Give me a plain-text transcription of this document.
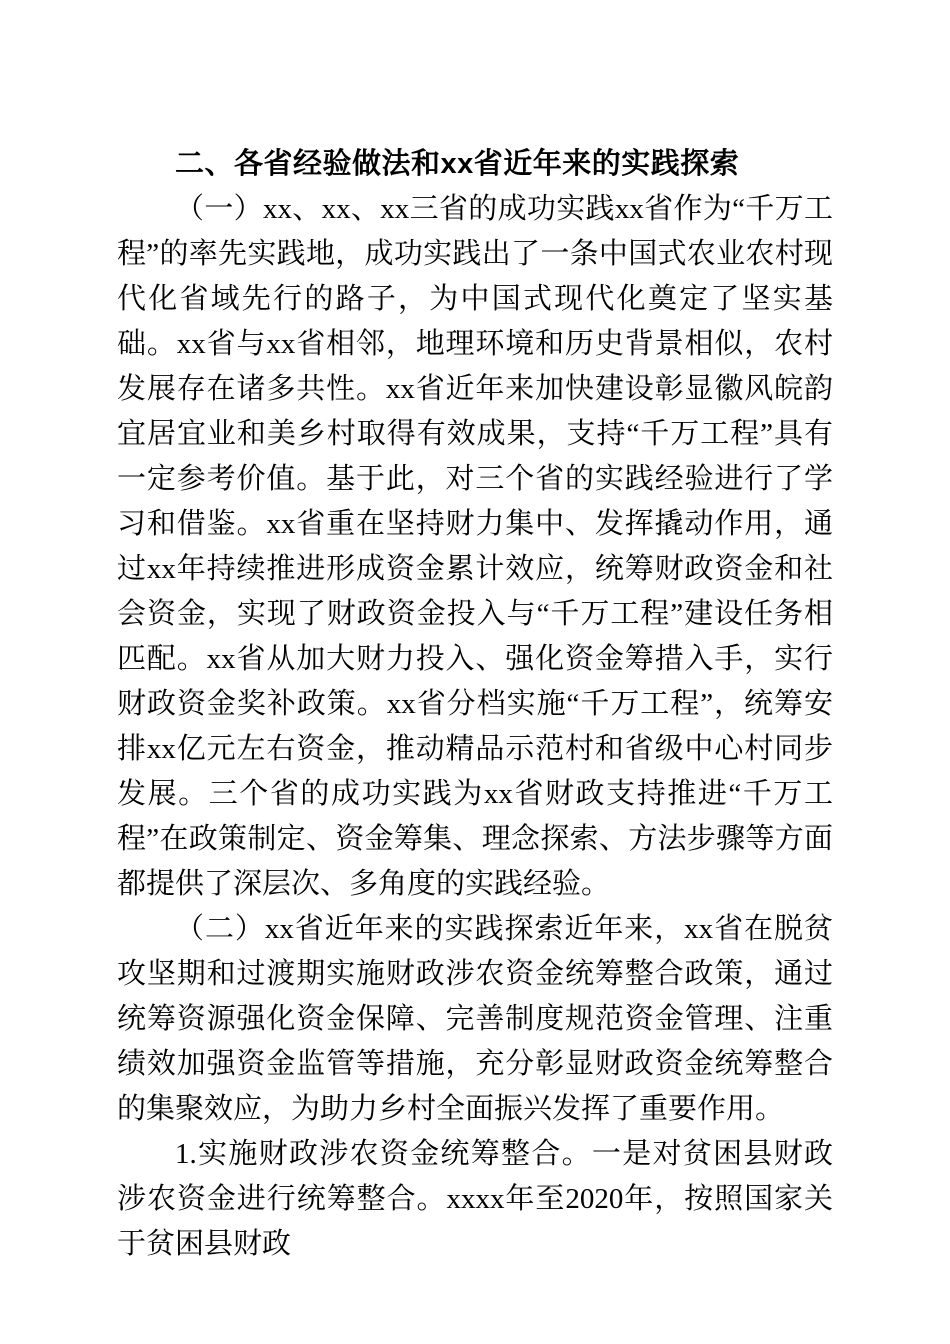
二、各省经验做法和xx省近年来的实践探索

（一）xx、xx、xx三省的成功实践xx省作为“千万工程”的率先实践地，成功实践出了一条中国式农业农村现代化省域先行的路子，为中国式现代化奠定了坚实基础。xx省与xx省相邻，地理环境和历史背景相似，农村发展存在诸多共性。xx省近年来加快建设彰显徽风皖韵宜居宜业和美乡村取得有效成果，支持“千万工程”具有一定参考价值。基于此，对三个省的实践经验进行了学习和借鉴。xx省重在坚持财力集中、发挥撬动作用，通过xx年持续推进形成资金累计效应，统筹财政资金和社会资金，实现了财政资金投入与“千万工程”建设任务相匹配。xx省从加大财力投入、强化资金筹措入手，实行财政资金奖补政策。xx省分档实施“千万工程”，统筹安排xx亿元左右资金，推动精品示范村和省级中心村同步发展。三个省的成功实践为xx省财政支持推进“千万工程”在政策制定、资金筹集、理念探索、方法步骤等方面都提供了深层次、多角度的实践经验。

（二）xx省近年来的实践探索近年来，xx省在脱贫攻坚期和过渡期实施财政涉农资金统筹整合政策，通过统筹资源强化资金保障、完善制度规范资金管理、注重绩效加强资金监管等措施，充分彰显财政资金统筹整合的集聚效应，为助力乡村全面振兴发挥了重要作用。

1.实施财政涉农资金统筹整合。一是对贫困县财政涉农资金进行统筹整合。xxxx年至2020年，按照国家关于贫困县财政
